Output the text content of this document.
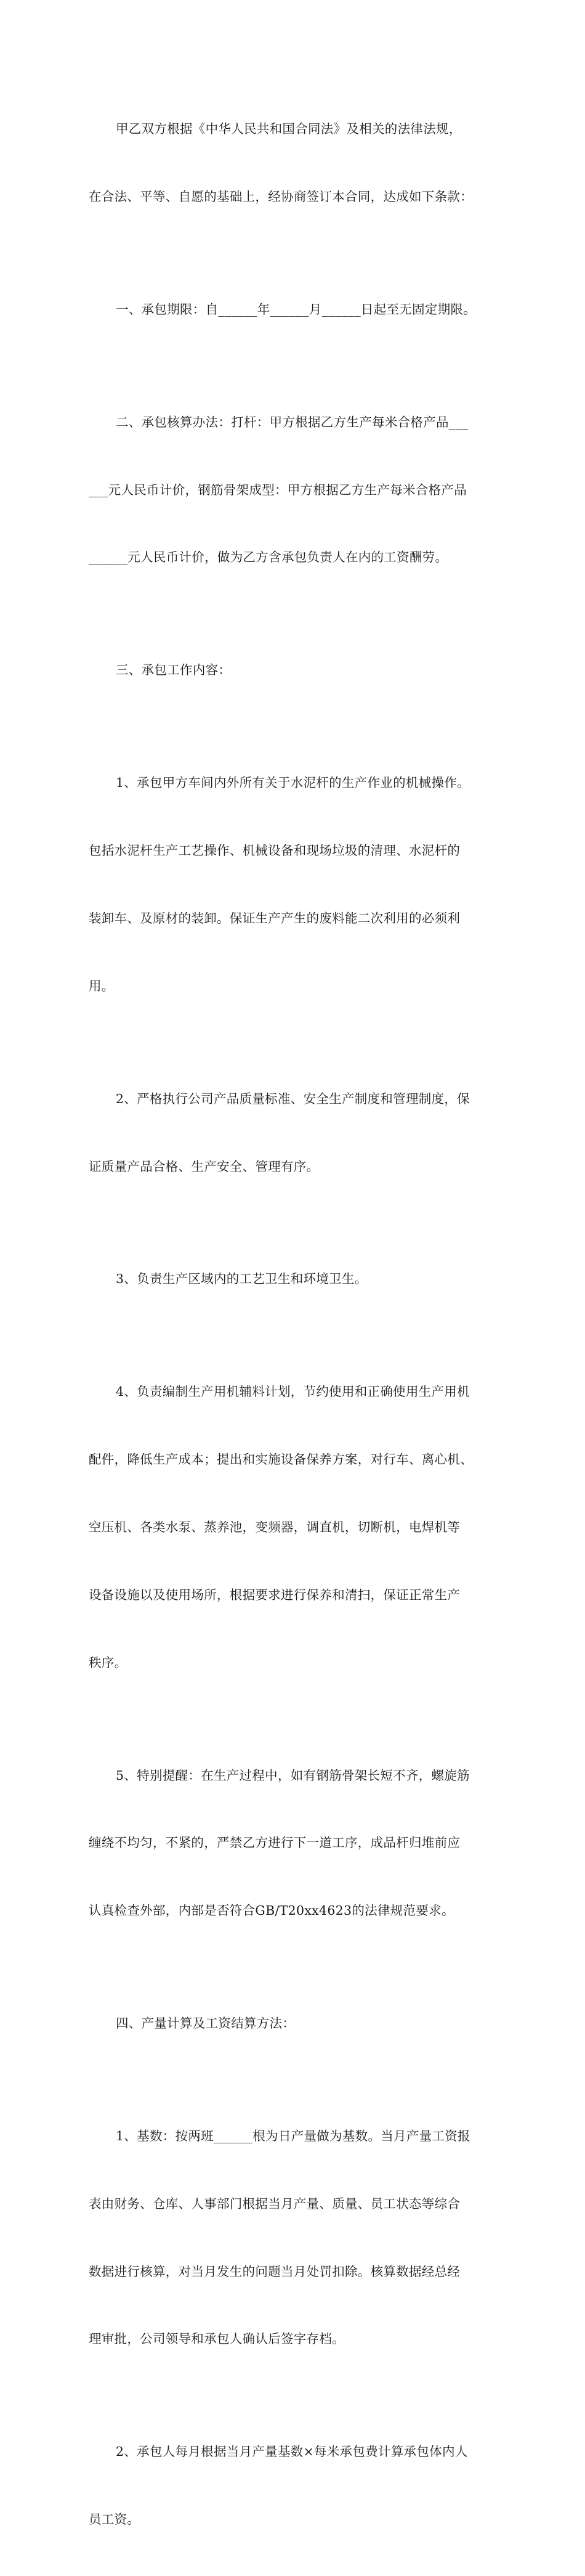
甲乙双方根据《中华人民共和国合同法》及相关的法律法规，

在合法、平等、自愿的基础上，经协商签订本合同，达成如下条款：

一、承包期限：自______年______月______日起至无固定期限。

二、承包核算办法：打杆：甲方根据乙方生产每米合格产品___

___元人民币计价，钢筋骨架成型：甲方根据乙方生产每米合格产品

______元人民币计价，做为乙方含承包负责人在内的工资酬劳。

三、承包工作内容：

1、承包甲方车间内外所有关于水泥杆的生产作业的机械操作。

包括水泥杆生产工艺操作、机械设备和现场垃圾的清理、水泥杆的

装卸车、及原材的装卸。保证生产产生的废料能二次利用的必须利

用。

2、严格执行公司产品质量标准、安全生产制度和管理制度，保

证质量产品合格、生产安全、管理有序。

3、负责生产区域内的工艺卫生和环境卫生。

4、负责编制生产用机辅料计划，节约使用和正确使用生产用机

配件，降低生产成本；提出和实施设备保养方案，对行车、离心机、

空压机、各类水泵、蒸养池，变频器，调直机，切断机，电焊机等

设备设施以及使用场所，根据要求进行保养和清扫，保证正常生产

秩序。

5、特别提醒：在生产过程中，如有钢筋骨架长短不齐，螺旋筋

缠绕不均匀，不紧的，严禁乙方进行下一道工序，成品杆归堆前应

认真检查外部，内部是否符合GB/T20xx4623的法律规范要求。

四、产量计算及工资结算方法：

1、基数：按两班______根为日产量做为基数。当月产量工资报

表由财务、仓库、人事部门根据当月产量、质量、员工状态等综合

数据进行核算，对当月发生的问题当月处罚扣除。核算数据经总经

理审批，公司领导和承包人确认后签字存档。

2、承包人每月根据当月产量基数×每米承包费计算承包体内人

员工资。
